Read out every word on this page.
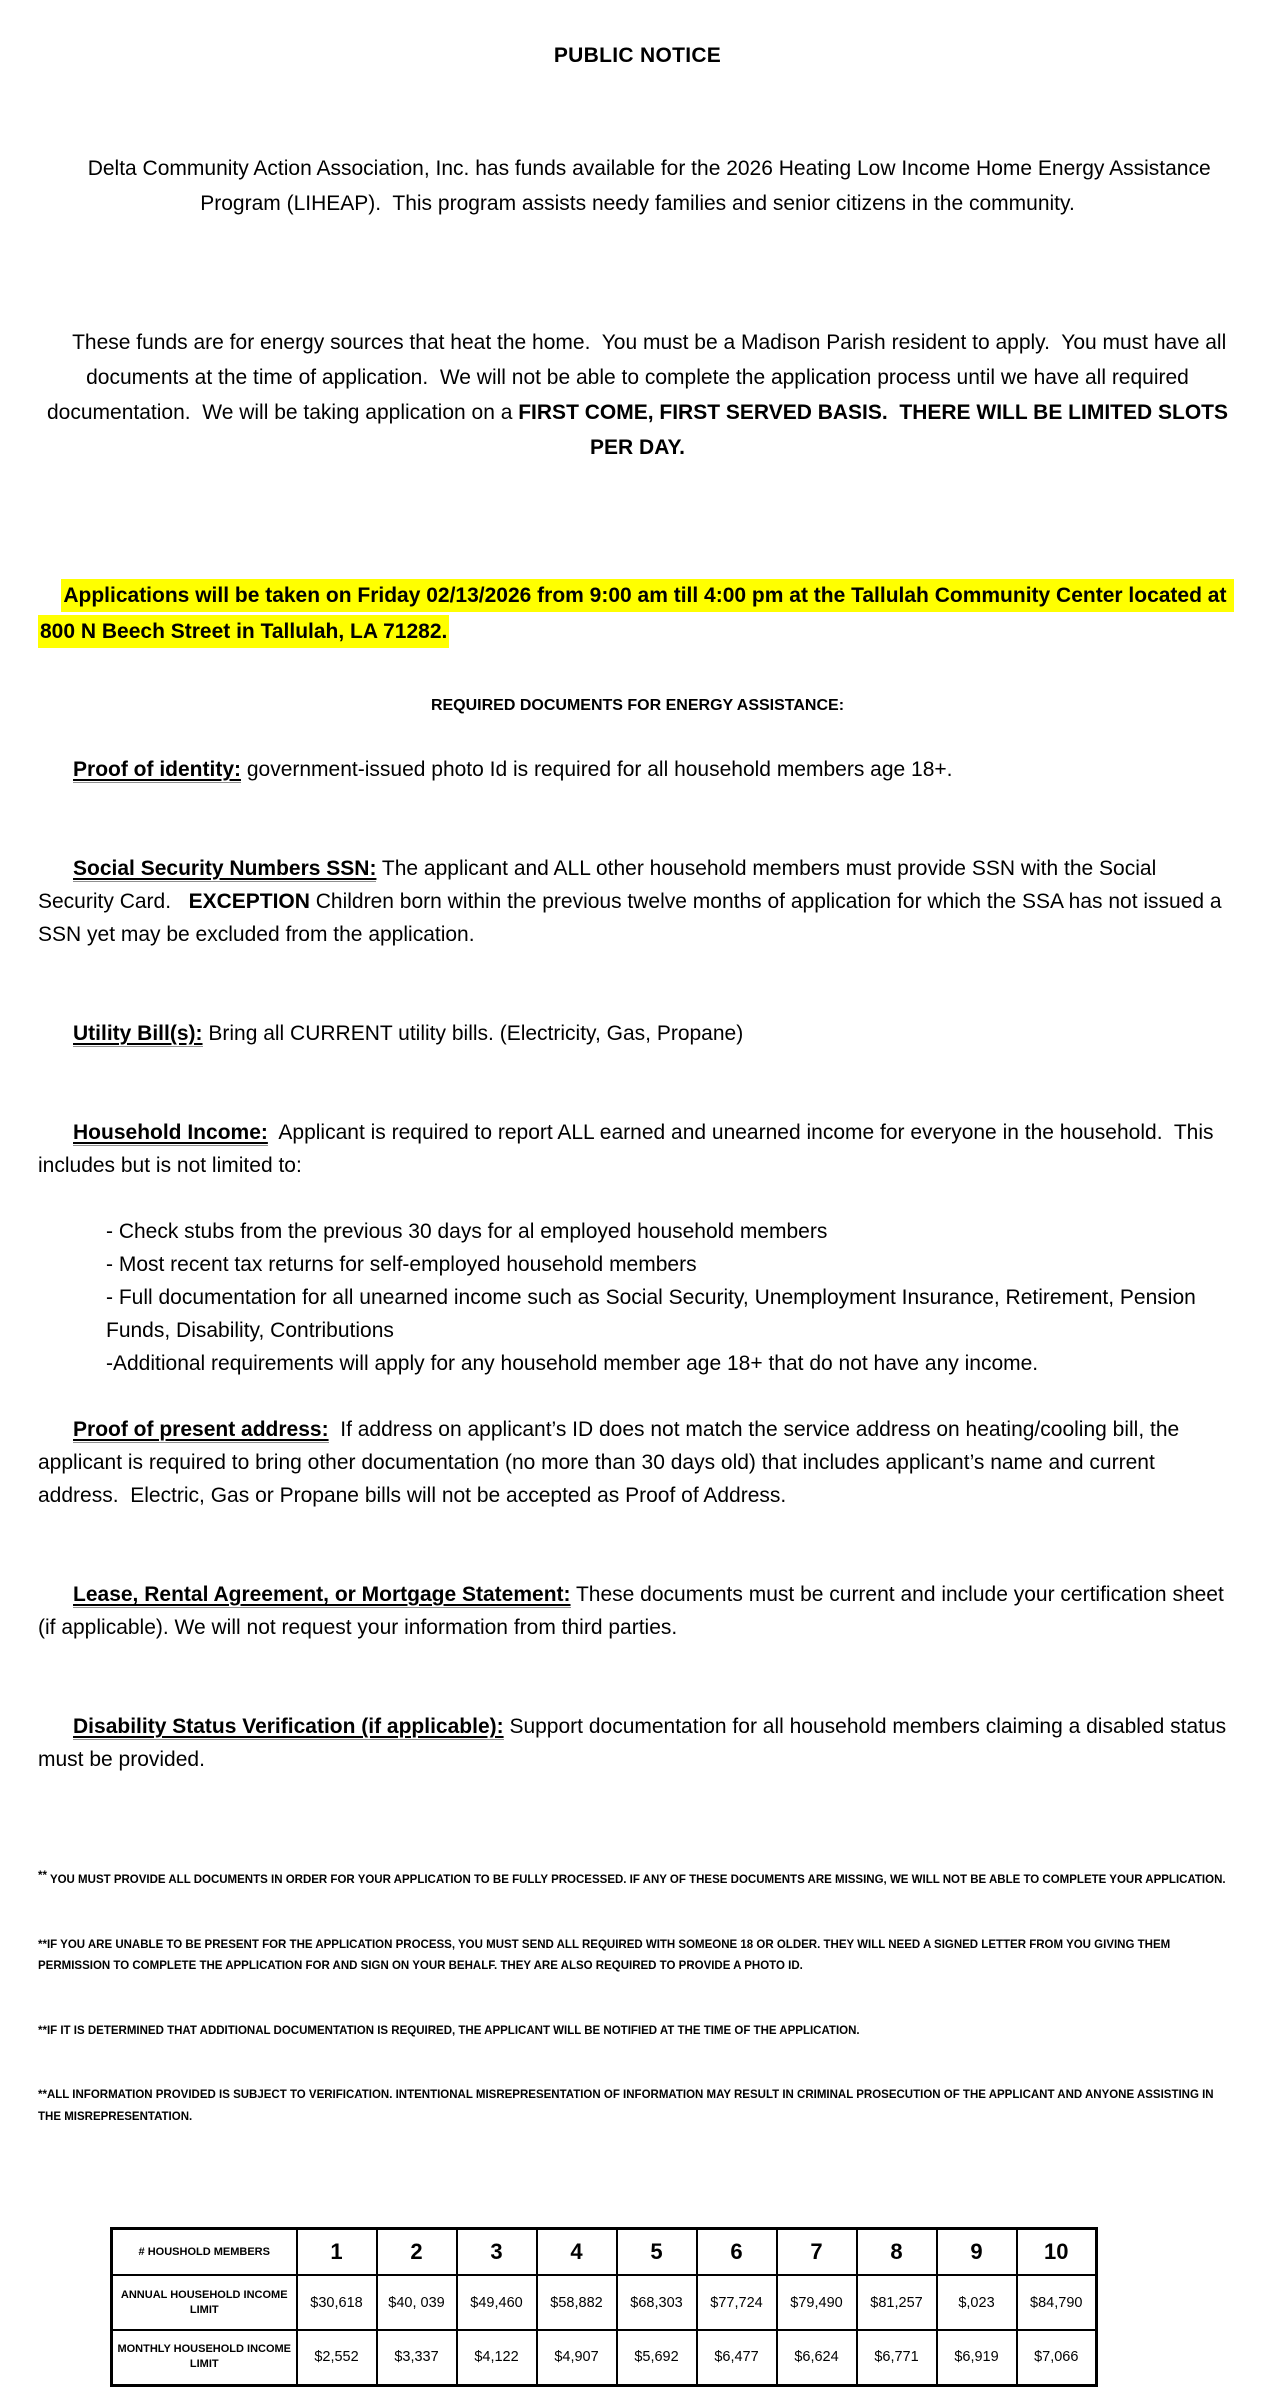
PUBLIC NOTICE

Delta Community Action Association, Inc. has funds available for the 2026 Heating Low Income Home Energy Assistance Program (LIHEAP).  This program assists needy families and senior citizens in the community.

These funds are for energy sources that heat the home.  You must be a Madison Parish resident to apply.  You must have all documents at the time of application.  We will not be able to complete the application process until we have all required documentation.  We will be taking application on a FIRST COME, FIRST SERVED BASIS.  THERE WILL BE LIMITED SLOTS PER DAY.

Applications will be taken on Friday 02/13/2026 from 9:00 am till 4:00 pm at the Tallulah Community Center located at 800 N Beech Street in Tallulah, LA 71282.

REQUIRED DOCUMENTS FOR ENERGY ASSISTANCE:

Proof of identity: government-issued photo Id is required for all household members age 18+.

Social Security Numbers SSN: The applicant and ALL other household members must provide SSN with the Social Security Card.   EXCEPTION Children born within the previous twelve months of application for which the SSA has not issued a SSN yet may be excluded from the application.

Utility Bill(s): Bring all CURRENT utility bills. (Electricity, Gas, Propane)

Household Income:  Applicant is required to report ALL earned and unearned income for everyone in the household.  This includes but is not limited to:

- Check stubs from the previous 30 days for al employed household members
- Most recent tax returns for self-employed household members
- Full documentation for all unearned income such as Social Security, Unemployment Insurance, Retirement, Pension Funds, Disability, Contributions
-Additional requirements will apply for any household member age 18+ that do not have any income.

Proof of present address:  If address on applicant’s ID does not match the service address on heating/cooling bill, the applicant is required to bring other documentation (no more than 30 days old) that includes applicant’s name and current address.  Electric, Gas or Propane bills will not be accepted as Proof of Address.

Lease, Rental Agreement, or Mortgage Statement: These documents must be current and include your certification sheet (if applicable). We will not request your information from third parties.

Disability Status Verification (if applicable): Support documentation for all household members claiming a disabled status must be provided.

** YOU MUST PROVIDE ALL DOCUMENTS IN ORDER FOR YOUR APPLICATION TO BE FULLY PROCESSED. IF ANY OF THESE DOCUMENTS ARE MISSING, WE WILL NOT BE ABLE TO COMPLETE YOUR APPLICATION.

**IF YOU ARE UNABLE TO BE PRESENT FOR THE APPLICATION PROCESS, YOU MUST SEND ALL REQUIRED WITH SOMEONE 18 OR OLDER. THEY WILL NEED A SIGNED LETTER FROM YOU GIVING THEM PERMISSION TO COMPLETE THE APPLICATION FOR AND SIGN ON YOUR BEHALF. THEY ARE ALSO REQUIRED TO PROVIDE A PHOTO ID.

**IF IT IS DETERMINED THAT ADDITIONAL DOCUMENTATION IS REQUIRED, THE APPLICANT WILL BE NOTIFIED AT THE TIME OF THE APPLICATION.

**ALL INFORMATION PROVIDED IS SUBJECT TO VERIFICATION. INTENTIONAL MISREPRESENTATION OF INFORMATION MAY RESULT IN CRIMINAL PROSECUTION OF THE APPLICANT AND ANYONE ASSISTING IN THE MISREPRESENTATION.

# HOUSHOLD MEMBERS	1	2	3	4	5	6	7	8	9	10
ANNUAL HOUSEHOLD INCOME LIMIT	$30,618	$40, 039	$49,460	$58,882	$68,303	$77,724	$79,490	$81,257	$,023	$84,790
MONTHLY HOUSEHOLD INCOME LIMIT	$2,552	$3,337	$4,122	$4,907	$5,692	$6,477	$6,624	$6,771	$6,919	$7,066
